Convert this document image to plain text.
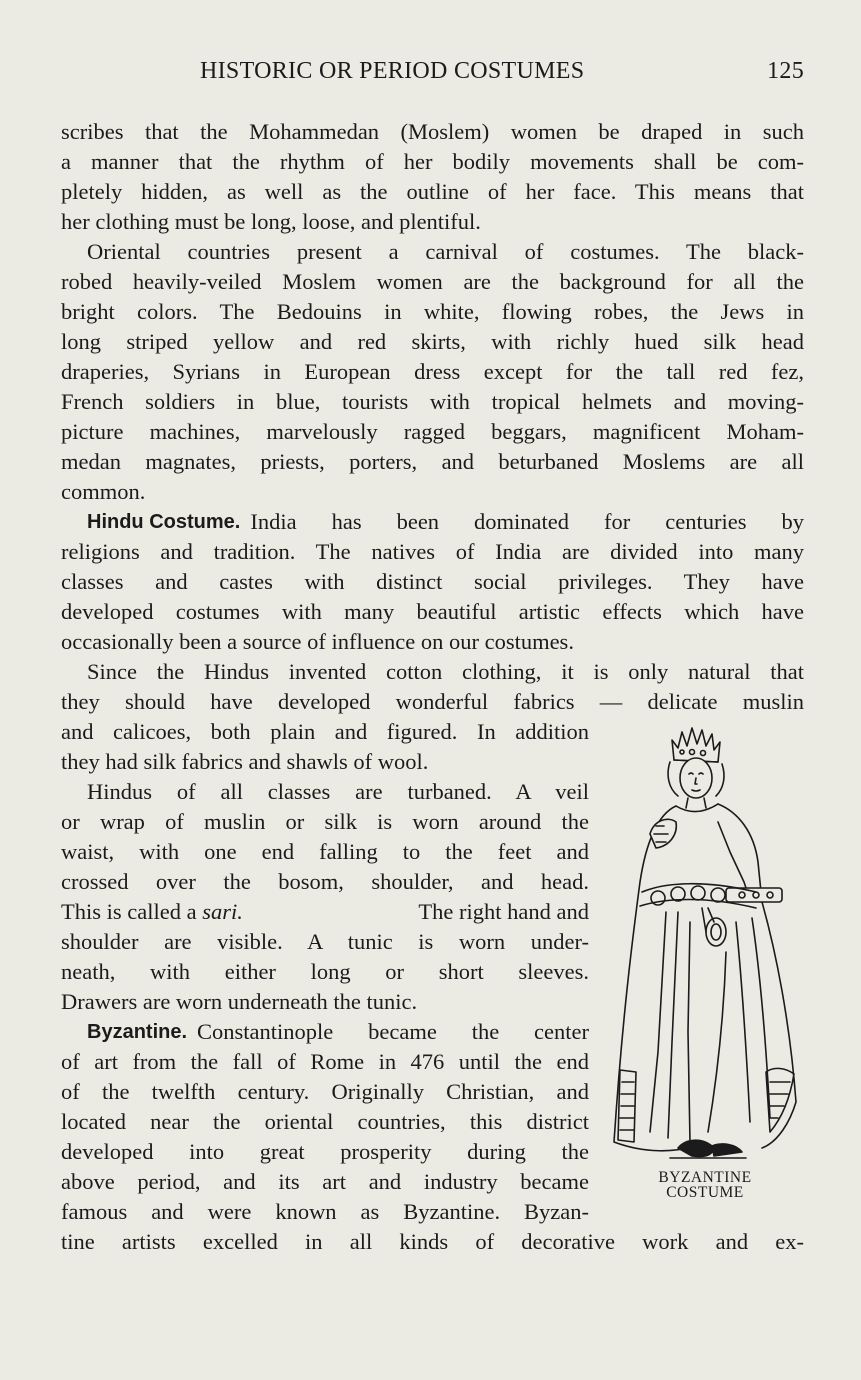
HISTORIC OR PERIOD COSTUMES	125
scribes that the Mohammedan (Moslem) women be draped in such
a manner that the rhythm of her bodily movements shall be com-
pletely hidden, as well as the outline of her face. This means that
her clothing must be long, loose, and plentiful.
Oriental countries present a carnival of costumes. The black-
robed heavily-veiled Moslem women are the background for all the
bright colors. The Bedouins in white, flowing robes, the Jews in
long striped yellow and red skirts, with richly hued silk head
draperies, Syrians in European dress except for the tall red fez,
French soldiers in blue, tourists with tropical helmets and moving-
picture machines, marvelously ragged beggars, magnificent Moham-
medan magnates, priests, porters, and beturbaned Moslems are all
common.
Hindu Costume. India has been dominated for centuries by
religions and tradition. The natives of India are divided into many
classes and castes with distinct social privileges. They have
developed costumes with many beautiful artistic effects which have
occasionally been a source of influence on our costumes.
Since the Hindus invented cotton clothing, it is only natural that
they should have developed wonderful fabrics — delicate muslin
and calicoes, both plain and figured. In addition
they had silk fabrics and shawls of wool.
Hindus of all classes are turbaned. A veil
or wrap of muslin or silk is worn around the
waist, with one end falling to the feet and
crossed over the bosom, shoulder, and head.
This is called a sari.	The right hand and
shoulder are visible. A tunic is worn under-
neath, with either long or short sleeves.
Drawers are worn underneath the tunic.
Byzantine. Constantinople became the center
of art from the fall of Rome in 476 until the end
of the twelfth century. Originally Christian, and
located near the oriental countries, this district
developed into great prosperity during the
above period, and its art and industry became
famous and were known as Byzantine. Byzan-
tine artists excelled in all kinds of decorative work and ex-
BYZANTINE
COSTUME
